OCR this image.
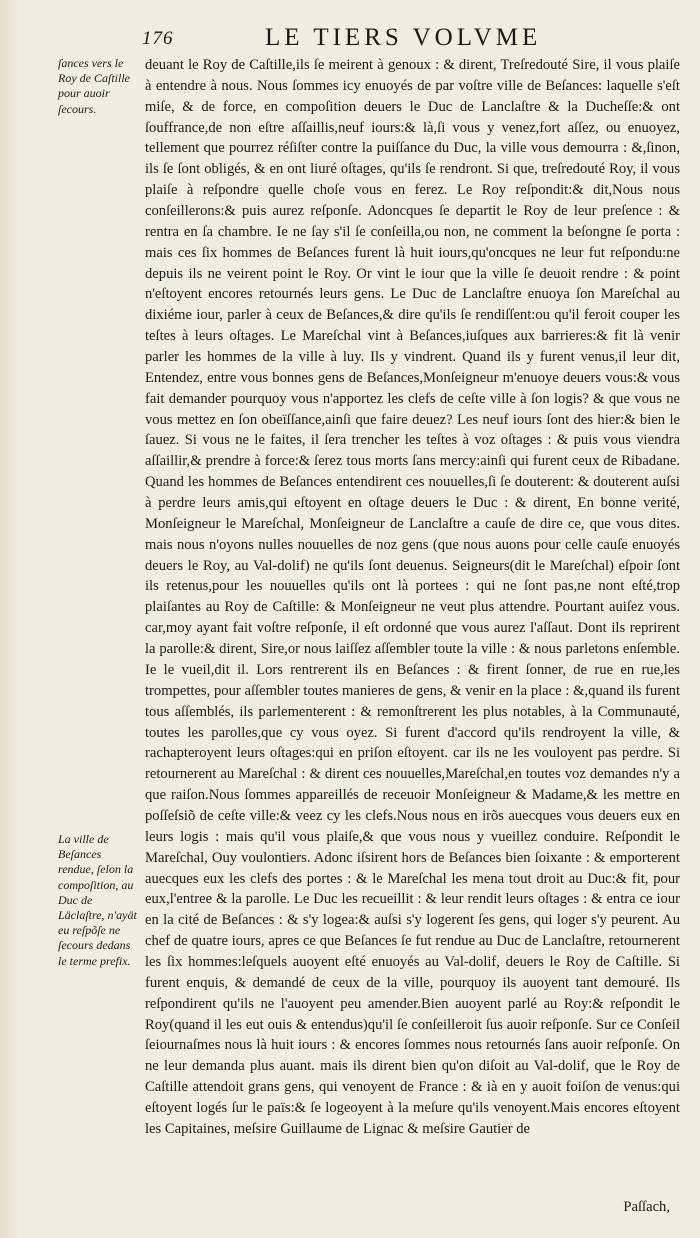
176	LE TIERS VOLVME
ſances vers le Roy de Caſtille pour auoir ſecours.
La ville de Beſances rendue, ſelon la compoſition, au Duc de Läclaſtre, n'ayät eu reſpõſe ne ſecours dedans le terme prefix.
deuant le Roy de Caſtille,ils ſe meirent à genoux : & dirent, Treſredouté Sire, il vous plaiſe à entendre à nous. Nous ſommes icy enuoyés de par voſtre ville de Beſances: laquelle s'eſt miſe, & de force, en compoſition deuers le Duc de Lanclaſtre & la Ducheſſe:& ont ſouffrance,de non eſtre aſſaillis,neuf iours:& là,ſi vous y venez,fort aſſez, ou enuoyez, tellement que pourrez réſiſter contre la puiſſance du Duc, la ville vous demourra : &,ſinon, ils ſe ſont obligés, & en ont liuré oſtages, qu'ils ſe rendront. Si que, treſredouté Roy, il vous plaiſe à reſpondre quelle choſe vous en ferez. Le Roy reſpondit:& dit,Nous nous conſeillerons:& puis aurez reſponſe. Adoncques ſe departit le Roy de leur preſence : & rentra en ſa chambre. Ie ne ſay s'il ſe conſeilla,ou non, ne comment la beſongne ſe porta : mais ces ſix hommes de Beſances furent là huit iours,qu'oncques ne leur fut reſpondu:ne depuis ils ne veirent point le Roy. Or vint le iour que la ville ſe deuoit rendre : & point n'eſtoyent encores retournés leurs gens. Le Duc de Lanclaſtre enuoya ſon Mareſchal au dixiéme iour, parler à ceux de Beſances,& dire qu'ils ſe rendiſſent:ou qu'il feroit couper les teſtes à leurs oſtages. Le Mareſchal vint à Beſances,iuſques aux barrieres:& fit là venir parler les hommes de la ville à luy. Ils y vindrent. Quand ils y furent venus,il leur dit, Entendez, entre vous bonnes gens de Beſances,Monſeigneur m'enuoye deuers vous:& vous fait demander pourquoy vous n'apportez les clefs de ceſte ville à ſon logis? & que vous ne vous mettez en ſon obeïſſance,ainſi que faire deuez? Les neuf iours ſont des hier:& bien le ſauez. Si vous ne le faites, il ſera trencher les teſtes à voz oſtages : & puis vous viendra aſſaillir,& prendre à force:& ſerez tous morts ſans mercy:ainſi qui furent ceux de Ribadane. Quand les hommes de Beſances entendirent ces nouuelles,ſi ſe douterent: & douterent auſsi à perdre leurs amis,qui eſtoyent en oſtage deuers le Duc : & dirent, En bonne verité, Monſeigneur le Mareſchal, Monſeigneur de Lanclaſtre a cauſe de dire ce, que vous dites. mais nous n'oyons nulles nouuelles de noz gens (que nous auons pour celle cauſe enuoyés deuers le Roy, au Val-dolif) ne qu'ils ſont deuenus. Seigneurs(dit le Mareſchal) eſpoir ſont ils retenus,pour les nouuelles qu'ils ont là portees : qui ne ſont pas,ne nont eſté,trop plaiſantes au Roy de Caſtille: & Monſeigneur ne veut plus attendre. Pourtant auiſez vous. car,moy ayant fait voſtre reſponſe, il eſt ordonné que vous aurez l'aſſaut. Dont ils reprirent la parolle:& dirent, Sire,or nous laiſſez aſſembler toute la ville : & nous parletons enſemble. Ie le vueil,dit il. Lors rentrerent ils en Beſances : & firent ſonner, de rue en rue,les trompettes, pour aſſembler toutes manieres de gens, & venir en la place : &,quand ils furent tous aſſemblés, ils parlementerent : & remonſtrerent les plus notables, à la Communauté, toutes les parolles,que cy vous oyez. Si furent d'accord qu'ils rendroyent la ville, & rachapteroyent leurs oſtages:qui en priſon eſtoyent. car ils ne les vouloyent pas perdre. Si retournerent au Mareſchal : & dirent ces nouuelles,Mareſchal,en toutes voz demandes n'y a que raiſon.Nous ſommes appareillés de receuoir Monſeigneur & Madame,& les mettre en poſſeſsiõ de ceſte ville:& veez cy les clefs.Nous nous en irõs auecques vous deuers eux en leurs logis : mais qu'il vous plaiſe,& que vous nous y vueillez conduire. Reſpondit le Mareſchal, Ouy voulontiers. Adonc iſsirent hors de Beſances bien ſoixante : & emporterent auecques eux les clefs des portes : & le Mareſchal les mena tout droit au Duc:& fit, pour eux,l'entree & la parolle. Le Duc les recueillit : & leur rendit leurs oſtages : & entra ce iour en la cité de Beſances : & s'y logea:& auſsi s'y logerent ſes gens, qui loger s'y peurent. Au chef de quatre iours, apres ce que Beſances ſe fut rendue au Duc de Lanclaſtre, retournerent les ſix hommes:leſquels auoyent eſté enuoyés au Val-dolif, deuers le Roy de Caſtille. Si furent enquis, & demandé de ceux de la ville, pourquoy ils auoyent tant demouré. Ils reſpondirent qu'ils ne l'auoyent peu amender.Bien auoyent parlé au Roy:& reſpondit le Roy(quand il les eut ouis & entendus)qu'il ſe conſeilleroit ſus auoir reſponſe. Sur ce Conſeil ſeiournaſmes nous là huit iours : & encores ſommes nous retournés ſans auoir reſponſe. On ne leur demanda plus auant. mais ils dirent bien qu'on diſoit au Val-dolif, que le Roy de Caſtille attendoit grans gens, qui venoyent de France : & ià en y auoit foiſon de venus:qui eſtoyent logés ſur le païs:& ſe logeoyent à la meſure qu'ils venoyent.Mais encores eſtoyent les Capitaines, meſsire Guillaume de Lignac & meſsire Gautier de
Paſſach,
